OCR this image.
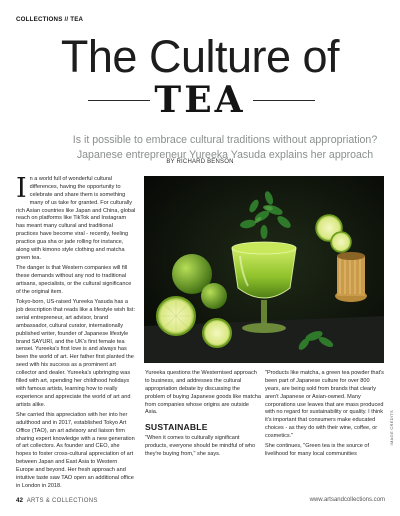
COLLECTIONS // TEA
The Culture of
TEA

Is it possible to embrace cultural traditions without appropriation?

Japanese entrepreneur Yureeka Yasuda explains her approach

BY RICHARD BENSON

In a world full of wonderful cultural differences, having the opportunity to celebrate and share them is something many of us take for granted. For culturally rich Asian countries like Japan and China, global reach on platforms like TikTok and Instagram has meant many cultural and traditional practices have become viral - recently, feeling practice gua sha or jade rolling for instance, along with kimono style clothing and matcha green tea.

The danger is that Western companies will fill these demands without any nod to traditional artisans, specialists, or the cultural significance of the original item.

Tokyo-born, US-raised Yureeka Yasuda has a job description that reads like a lifestyle wish list: serial entrepreneur, art advisor, brand ambassador, cultural curator, internationally published writer, founder of Japanese lifestyle brand SAYURI, and the UK's first female tea sensei. Yureeka's first love is and always has been the world of art. Her father first planted the seed with his success as a prominent art collector and dealer. Yureeka's upbringing was filled with art, spending her childhood holidays with famous artists, learning how to really experience and appreciate the world of art and artists alike.

She carried this appreciation with her into her adulthood and in 2017, established Tokyo Art Office (TAO), an art advisory and liaison firm sharing expert knowledge with a new generation of art collectors. As founder and CEO, she hopes to foster cross-cultural appreciation of art between Japan and East Asia to Western Europe and beyond. Her fresh approach and intuitive taste saw TAO open an additional office in London in 2018.

Yureeka questions the Westernised approach to business, and addresses the cultural appropriation debate by discussing the problem of buying Japanese goods like matcha from companies whose origins are outside Asia.

SUSTAINABLE

"When it comes to culturally significant products, everyone should be mindful of who they're buying from," she says.

"Products like matcha, a green tea powder that's been part of Japanese culture for over 800 years, are being sold from brands that clearly aren't Japanese or Asian-owned. Many corporations use leaves that are mass produced with no regard for sustainability or quality. I think it's important that consumers make educated choices - as they do with their wine, coffee, or cosmetics."

She continues, "Green tea is the source of livelihood for many local communities

IMAGE CREDITS
42 ARTS & COLLECTIONS	www.artsandcollections.com
